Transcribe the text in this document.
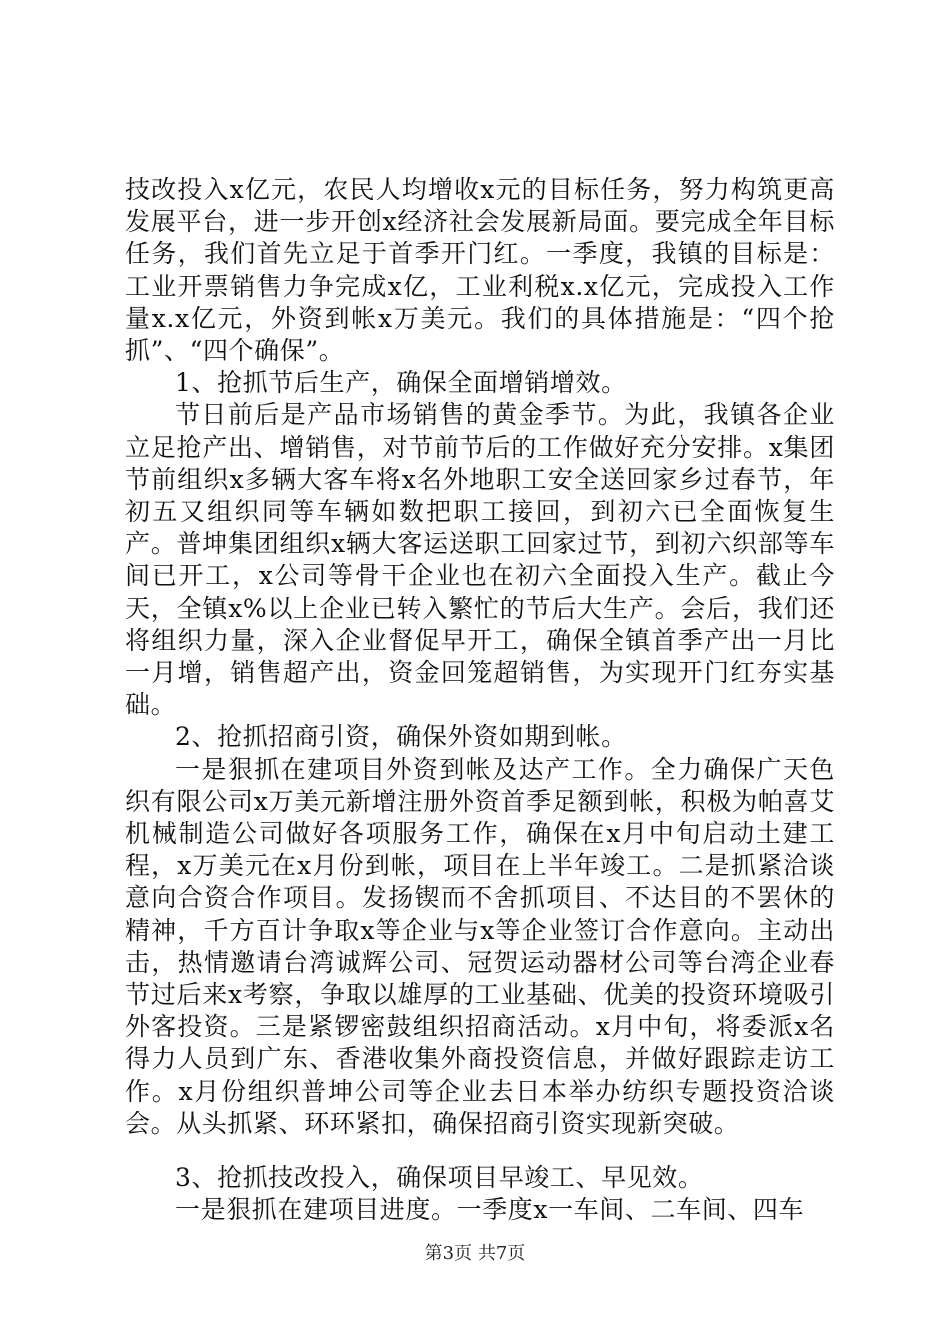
技改投入x亿元，农民人均增收x元的目标任务，努力构筑更高发展平台，进一步开创x经济社会发展新局面。要完成全年目标任务，我们首先立足于首季开门红。一季度，我镇的目标是：工业开票销售力争完成x亿，工业利税x.x亿元，完成投入工作量x.x亿元，外资到帐x万美元。我们的具体措施是：“四个抢抓”、“四个确保”。

1、抢抓节后生产，确保全面增销增效。

节日前后是产品市场销售的黄金季节。为此，我镇各企业立足抢产出、增销售，对节前节后的工作做好充分安排。x集团节前组织x多辆大客车将x名外地职工安全送回家乡过春节，年初五又组织同等车辆如数把职工接回，到初六已全面恢复生产。普坤集团组织x辆大客运送职工回家过节，到初六织部等车间已开工，x公司等骨干企业也在初六全面投入生产。截止今天，全镇x%以上企业已转入繁忙的节后大生产。会后，我们还将组织力量，深入企业督促早开工，确保全镇首季产出一月比一月增，销售超产出，资金回笼超销售，为实现开门红夯实基础。

2、抢抓招商引资，确保外资如期到帐。

一是狠抓在建项目外资到帐及达产工作。全力确保广天色织有限公司x万美元新增注册外资首季足额到帐，积极为帕喜艾机械制造公司做好各项服务工作，确保在x月中旬启动土建工程，x万美元在x月份到帐，项目在上半年竣工。二是抓紧洽谈意向合资合作项目。发扬锲而不舍抓项目、不达目的不罢休的精神，千方百计争取x等企业与x等企业签订合作意向。主动出击，热情邀请台湾诚辉公司、冠贺运动器材公司等台湾企业春节过后来x考察，争取以雄厚的工业基础、优美的投资环境吸引外客投资。三是紧锣密鼓组织招商活动。x月中旬，将委派x名得力人员到广东、香港收集外商投资信息，并做好跟踪走访工作。x月份组织普坤公司等企业去日本举办纺织专题投资洽谈会。从头抓紧、环环紧扣，确保招商引资实现新突破。

3、抢抓技改投入，确保项目早竣工、早见效。

一是狠抓在建项目进度。一季度x一车间、二车间、四车

第3页 共7页
